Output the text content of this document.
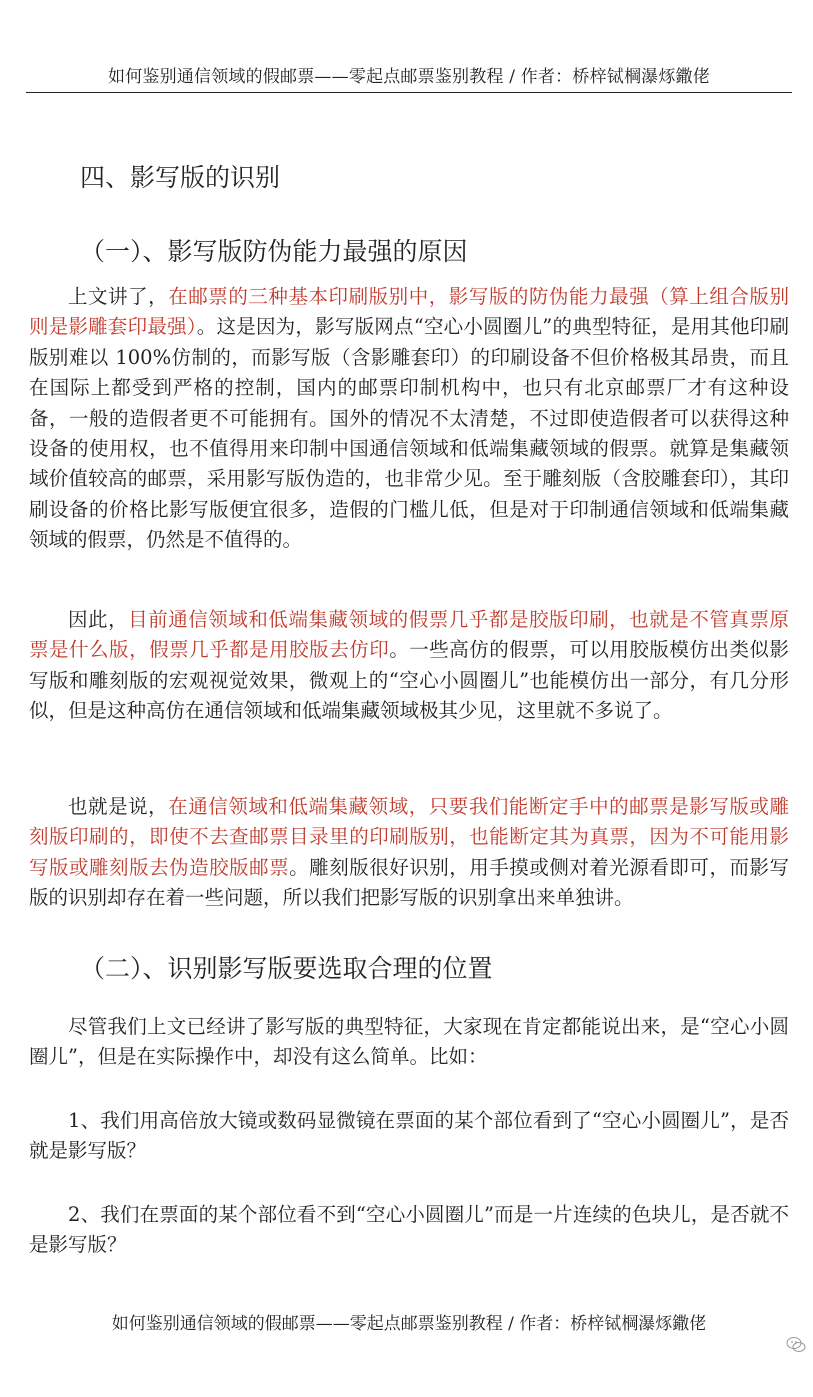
如何鉴别通信领域的假邮票——零起点邮票鉴别教程 / 作者：桥梓铽棡瀑烼鏾佬
四、影写版的识别
（一）、影写版防伪能力最强的原因

上文讲了，在邮票的三种基本印刷版别中，影写版的防伪能力最强（算上组合版别则是影雕套印最强）。这是因为，影写版网点“空心小圆圈儿”的典型特征，是用其他印刷版别难以 100%仿制的，而影写版（含影雕套印）的印刷设备不但价格极其昂贵，而且在国际上都受到严格的控制，国内的邮票印制机构中，也只有北京邮票厂才有这种设备，一般的造假者更不可能拥有。国外的情况不太清楚，不过即使造假者可以获得这种设备的使用权，也不值得用来印制中国通信领域和低端集藏领域的假票。就算是集藏领域价值较高的邮票，采用影写版伪造的，也非常少见。至于雕刻版（含胶雕套印），其印刷设备的价格比影写版便宜很多，造假的门槛儿低，但是对于印制通信领域和低端集藏领域的假票，仍然是不值得的。

因此，目前通信领域和低端集藏领域的假票几乎都是胶版印刷，也就是不管真票原票是什么版，假票几乎都是用胶版去仿印。一些高仿的假票，可以用胶版模仿出类似影写版和雕刻版的宏观视觉效果，微观上的“空心小圆圈儿”也能模仿出一部分，有几分形似，但是这种高仿在通信领域和低端集藏领域极其少见，这里就不多说了。

也就是说，在通信领域和低端集藏领域，只要我们能断定手中的邮票是影写版或雕刻版印刷的，即使不去查邮票目录里的印刷版别，也能断定其为真票，因为不可能用影写版或雕刻版去伪造胶版邮票。雕刻版很好识别，用手摸或侧对着光源看即可，而影写版的识别却存在着一些问题，所以我们把影写版的识别拿出来单独讲。

（二）、识别影写版要选取合理的位置

尽管我们上文已经讲了影写版的典型特征，大家现在肯定都能说出来，是“空心小圆圈儿”，但是在实际操作中，却没有这么简单。比如：

1、我们用高倍放大镜或数码显微镜在票面的某个部位看到了“空心小圆圈儿”，是否就是影写版？

2、我们在票面的某个部位看不到“空心小圆圈儿”而是一片连续的色块儿，是否就不是影写版？

如何鉴别通信领域的假邮票——零起点邮票鉴别教程 / 作者：桥梓铽棡瀑烼鏾佬
